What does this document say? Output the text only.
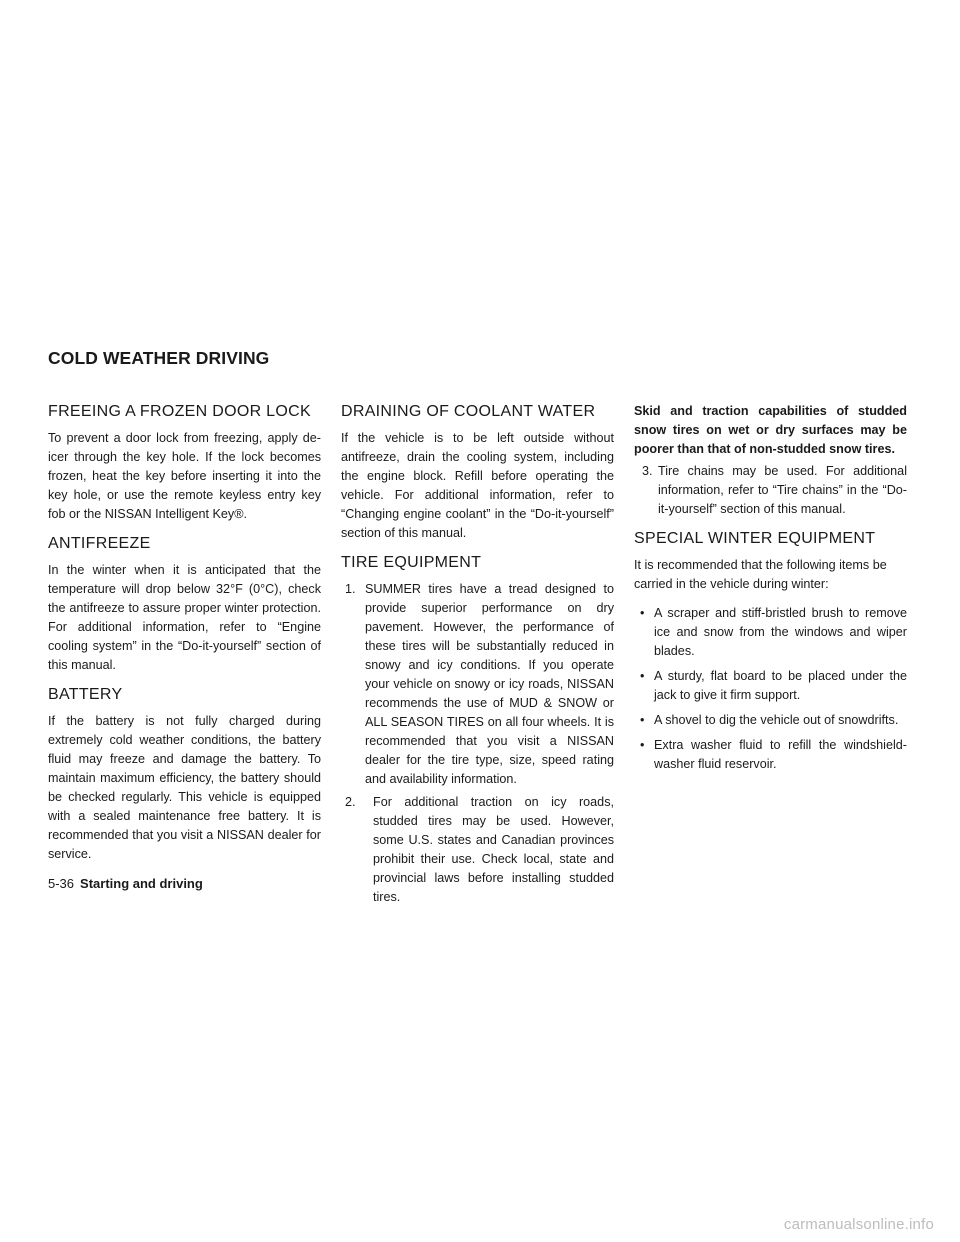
COLD WEATHER DRIVING
FREEING A FROZEN DOOR LOCK

To prevent a door lock from freezing, apply de-icer through the key hole. If the lock becomes frozen, heat the key before inserting it into the key hole, or use the remote keyless entry key fob or the NISSAN Intelligent Key®.

ANTIFREEZE

In the winter when it is anticipated that the temperature will drop below 32°F (0°C), check the antifreeze to assure proper winter protection. For additional information, refer to “Engine cooling system” in the “Do-it-yourself” section of this manual.

BATTERY

If the battery is not fully charged during extremely cold weather conditions, the battery fluid may freeze and damage the battery. To maintain maximum efficiency, the battery should be checked regularly. This vehicle is equipped with a sealed maintenance free battery. It is recommended that you visit a NISSAN dealer for service.

DRAINING OF COOLANT WATER

If the vehicle is to be left outside without antifreeze, drain the cooling system, including the engine block. Refill before operating the vehicle. For additional information, refer to “Changing engine coolant” in the “Do-it-yourself” section of this manual.

TIRE EQUIPMENT
1. SUMMER tires have a tread designed to provide superior performance on dry pavement. However, the performance of these tires will be substantially reduced in snowy and icy conditions. If you operate your vehicle on snowy or icy roads, NISSAN recommends the use of MUD & SNOW or ALL SEASON TIRES on all four wheels. It is recommended that you visit a NISSAN dealer for the tire type, size, speed rating and availability information.
2. For additional traction on icy roads, studded tires may be used. However, some U.S. states and Canadian provinces prohibit their use. Check local, state and provincial laws before installing studded tires.

Skid and traction capabilities of studded snow tires on wet or dry surfaces may be poorer than that of non-studded snow tires.

3. Tire chains may be used. For additional information, refer to “Tire chains” in the “Do-it-yourself” section of this manual.
SPECIAL WINTER EQUIPMENT

It is recommended that the following items be carried in the vehicle during winter:

• A scraper and stiff-bristled brush to remove ice and snow from the windows and wiper blades.
• A sturdy, flat board to be placed under the jack to give it firm support.
• A shovel to dig the vehicle out of snowdrifts.
• Extra washer fluid to refill the windshield-washer fluid reservoir.
5-36 Starting and driving
carmanualsonline.info
